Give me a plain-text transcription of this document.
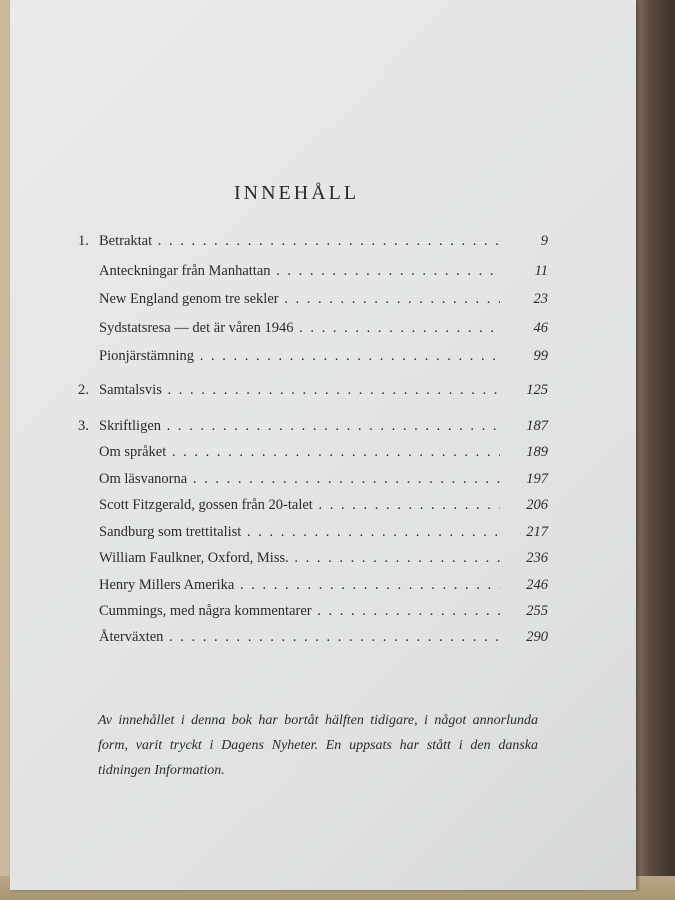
INNEHÅLL
1. Betraktat . .	9
Anteckningar från Manhattan . .	11
New England genom tre sekler . .	23
Sydstatsresa — det är våren 1946 . .	46
Pionjärstämning . .	99
2. Samtalsvis . .	125
3. Skriftligen . .	187
Om språket . .	189
Om läsvanorna . .	197
Scott Fitzgerald, gossen från 20-talet . .	206
Sandburg som trettitalist . .	217
William Faulkner, Oxford, Miss. . .	236
Henry Millers Amerika . .	246
Cummings, med några kommentarer . .	255
Återväxten . .	290
Av innehållet i denna bok har bortåt hälften tidigare, i något annorlunda form, varit tryckt i Dagens Nyheter. En uppsats har stått i den danska tidningen Information.
